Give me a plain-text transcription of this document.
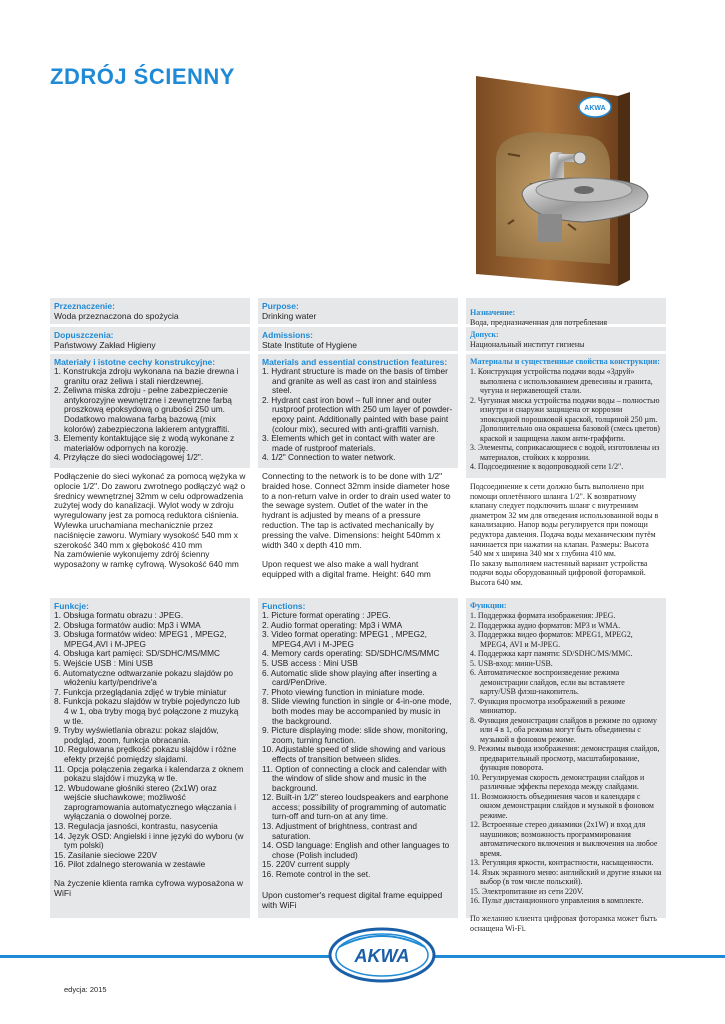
ZDRÓJ ŚCIENNY
AKWA
Przeznaczenie:
Woda przeznaczona do spożycia
Dopuszczenia:
Państwowy Zakład Higieny
Materiały i istotne cechy konstrukcyjne:
1. Konstrukcja zdroju wykonana na bazie drewna i granitu oraz żeliwa i stali nierdzewnej.
2. Żeliwna miska zdroju - pełne zabezpieczenie antykorozyjne wewnętrzne i zewnętrzne farbą proszkową epoksydową o grubości 250 um. Dodatkowo malowana farbą bazową (mix kolorów) zabezpieczona lakierem antygraffiti.
3. Elementy kontaktujące się z wodą wykonane z materiałów odpornych na korozję.
4. Przyłącze do sieci wodociągowej 1/2".
Podłączenie do sieci wykonać za pomocą wężyka w oplocie 1/2". Do zaworu zwrotnego podłączyć wąż o średnicy wewnętrznej 32mm w celu odprowadzenia zużytej wody do kanalizacji. Wylot wody w zdroju wyregulowany jest za pomocą reduktora ciśnienia. Wylewka uruchamiana mechanicznie przez naciśnięcie zaworu. Wymiary wysokość 540 mm x szerokość 340 mm x głębokość 410 mm
Na zamówienie wykonujemy zdrój ścienny wyposażony w ramkę cyfrową. Wysokość 640 mm
Funkcje:
1. Obsługa formatu obrazu : JPEG.
2. Obsługa formatów audio: Mp3 i WMA
3. Obsługa formatów wideo: MPEG1 , MPEG2, MPEG4,AVI i M-JPEG
4. Obsługa kart pamięci: SD/SDHC/MS/MMC
5. Wejście USB : Mini USB
6. Automatyczne odtwarzanie pokazu slajdów po włożeniu karty/pendrive'a
7. Funkcja przeglądania zdjęć w trybie miniatur
8. Funkcja pokazu slajdów w trybie pojedynczo lub 4 w 1, oba tryby mogą być połączone z muzyką w tle.
9. Tryby wyświetlania obrazu: pokaz slajdów, podgląd, zoom, funkcja obracania.
10. Regulowana prędkość pokazu slajdów i różne efekty przejść pomiędzy slajdami.
11. Opcja połączenia zegarka i kalendarza z oknem pokazu slajdów i muzyką w tle.
12. Wbudowane głośniki stereo (2x1W) oraz wejście słuchawkowe; możliwość zaprogramowania automatycznego włączania i wyłączania o dowolnej porze.
13. Regulacja jasności, kontrastu, nasycenia
14. Język OSD: Angielski i inne języki do wyboru (w tym polski)
15. Zasilanie sieciowe 220V
16. Pilot zdalnego sterowania w zestawie
Na życzenie klienta ramka cyfrowa wyposażona w WiFi
Purpose:
Drinking water
Admissions:
State Institute of Hygiene
Materials and essential construction features:
1. Hydrant structure is made on the basis of timber and granite as well as cast iron and stainless steel.
2. Hydrant cast iron bowl – full inner and outer rustproof protection with 250 um layer of powder-epoxy paint. Additionally painted with base paint (colour mix), secured with anti-graffiti varnish.
3. Elements which get in contact with water are made of rustproof materials.
4. 1/2" Connection to water network.
Connecting to the network is to be done with 1/2" braided hose. Connect 32mm inside diameter hose to a non-return valve in order to drain used water to the sewage system. Outlet of the water in the hydrant is adjusted by means of a pressure reduction. The tap is activated mechanically by pressing the valve. Dimensions: height 540mm x width 340 x depth 410 mm.
Upon request we also make a wall hydrant equipped with a digital frame. Height: 640 mm
Functions:
1. Picture format operating : JPEG.
2. Audio format operating: Mp3 i WMA
3. Video format operating: MPEG1 , MPEG2, MPEG4,AVI i M-JPEG
4. Memory cards operating: SD/SDHC/MS/MMC
5. USB access : Mini USB
6. Automatic slide show playing after inserting a card/PenDrive.
7. Photo viewing function in miniature mode.
8. Slide viewing function in single or 4-in-one mode, both modes may be accompanied by music in the background.
9. Picture displaying mode: slide show, monitoring, zoom, turning function.
10. Adjustable speed of slide showing and various effects of transition between slides.
11. Option of connecting a clock and calendar with the window of slide show and music in the background.
12. Built-in 1/2" stereo loudspeakers and earphone access; possibility of programming of automatic turn-off and turn-on at any time.
13. Adjustment of brightness, contrast and saturation.
14. OSD language: English and other languages to chose (Polish included)
15. 220V current supply
16. Remote control in the set.
Upon customer's request digital frame equipped with WiFi
Назначение:
Вода, предназначенная для потребления
Допуск:
Национальный институт гигиены
Материалы и существенные свойства конструкции:
1. Конструкция устройства подачи воды «Здруй» выполнена с использованием древесины и гранита, чугуна и нержавеющей стали.
2. Чугунная миска устройства подачи воды – полностью изнутри и снаружи защищена от коррозии эпоксидной порошковой краской, толщиной 250 µm. Дополнительно она окрашена базовой (смесь цветов) краской и защищена лаком анти-граффити.
3. Элементы, соприкасающиеся с водой, изготовлены из материалов, стойких к коррозии.
4. Подсоединение к водопроводной сети 1/2".
Подсоединение к сети должно быть выполнено при помощи оплетённого шланга 1/2". К возвратному клапану следует подключить шланг с внутренним диаметром 32 мм для отведения использованной воды в канализацию. Напор воды регулируется при помощи редуктора давления. Подача воды механическим путём начинается при нажатии на клапан. Размеры: Высота 540 мм x ширина 340 мм x глубина 410 мм.
По заказу выполняем настенный вариант устройства подачи воды оборудованный цифровой фоторамкой. Высота 640 мм.
Функции:
1. Поддержка формата изображения: JPEG.
2. Поддержка аудио форматов: MP3 и WMA.
3. Поддержка видео форматов: MPEG1, MPEG2, MPEG4, AVI и M-JPEG.
4. Поддержка карт памяти: SD/SDHC/MS/MMC.
5. USB-вход: мини-USB.
6. Автоматическое воспроизведение режима демонстрации слайдов, если вы вставляете карту/USB флэш-накопитель.
7. Функция просмотра изображений в режиме миниатюр.
8. Функция демонстрации слайдов в режиме по одному или 4 в 1, оба режима могут быть объединены с музыкой в фоновом режиме.
9. Режимы вывода изображения: демонстрация слайдов, предварительный просмотр, масштабирование, функция поворота.
10. Регулируемая скорость демонстрации слайдов и различные эффекты перехода между слайдами.
11. Возможность объединения часов и календаря с окном демонстрации слайдов и музыкой в фоновом режиме.
12. Встроенные стерео динамики (2x1W) и вход для наушников; возможность программирования автоматического включения и выключения на любое время.
13. Регуляция яркости, контрастности, насыщенности.
14. Язык экранного меню: английский и другие языки на выбор (в том числе польский).
15. Электропитание из сети 220V.
16. Пульт дистанционного управления в комплекте.
По желанию клиента цифровая фоторамка может быть оснащена Wi-Fi.
AKWA
edycja: 2015
